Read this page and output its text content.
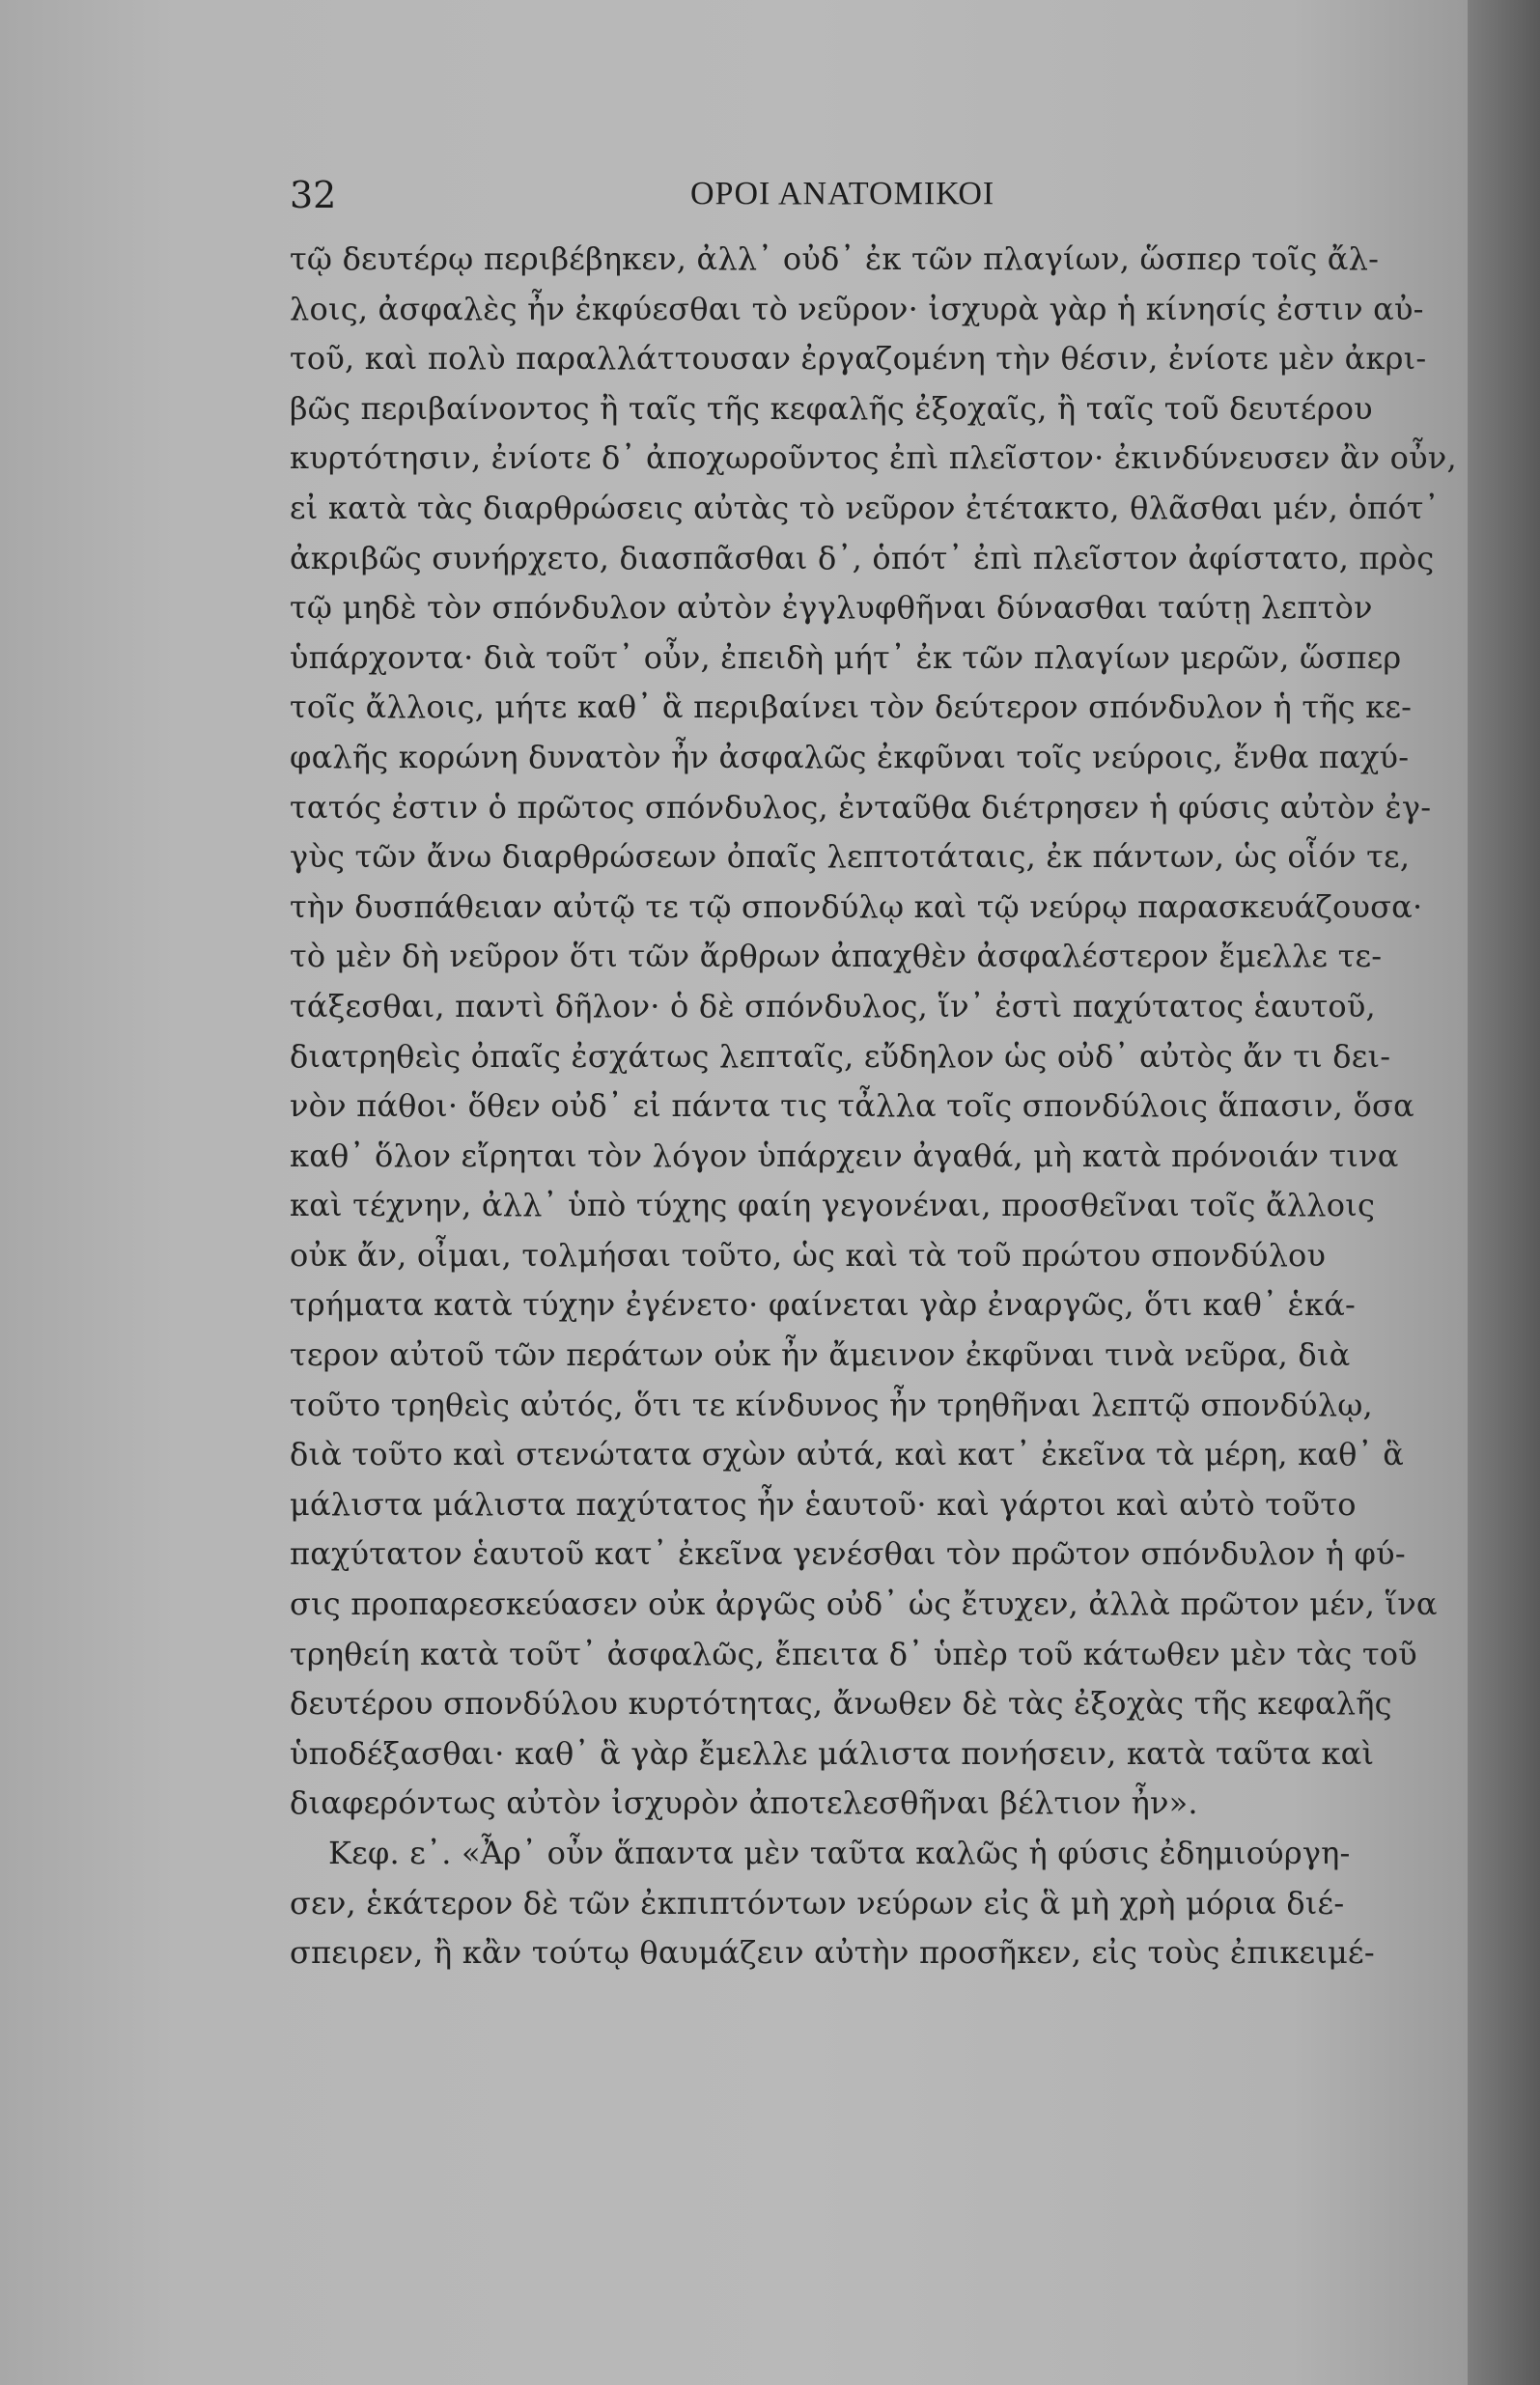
32	ΟΡΟΙ ΑΝΑΤΟΜΙΚΟΙ
τῷ δευτέρῳ περιβέβηκεν, ἀλλ᾽ οὐδ᾽ ἐκ τῶν πλαγίων, ὥσπερ τοῖς ἄλ-
λοις, ἀσφαλὲς ἦν ἐκφύεσθαι τὸ νεῦρον· ἰσχυρὰ γὰρ ἡ κίνησίς ἐστιν αὐ-
τοῦ, καὶ πολὺ παραλλάττουσαν ἐργαζομένη τὴν θέσιν, ἐνίοτε μὲν ἀκρι-
βῶς περιβαίνοντος ἢ ταῖς τῆς κεφαλῆς ἐξοχαῖς, ἢ ταῖς τοῦ δευτέρου
κυρτότησιν, ἐνίοτε δ᾽ ἀποχωροῦντος ἐπὶ πλεῖστον· ἐκινδύνευσεν ἂν οὖν,
εἰ κατὰ τὰς διαρθρώσεις αὐτὰς τὸ νεῦρον ἐτέτακτο, θλᾶσθαι μέν, ὁπότ᾽
ἀκριβῶς συνήρχετο, διασπᾶσθαι δ᾽, ὁπότ᾽ ἐπὶ πλεῖστον ἀφίστατο, πρὸς
τῷ μηδὲ τὸν σπόνδυλον αὐτὸν ἐγγλυφθῆναι δύνασθαι ταύτῃ λεπτὸν
ὑπάρχοντα· διὰ τοῦτ᾽ οὖν, ἐπειδὴ μήτ᾽ ἐκ τῶν πλαγίων μερῶν, ὥσπερ
τοῖς ἄλλοις, μήτε καθ᾽ ἃ περιβαίνει τὸν δεύτερον σπόνδυλον ἡ τῆς κε-
φαλῆς κορώνη δυνατὸν ἦν ἀσφαλῶς ἐκφῦναι τοῖς νεύροις, ἔνθα παχύ-
τατός ἐστιν ὁ πρῶτος σπόνδυλος, ἐνταῦθα διέτρησεν ἡ φύσις αὐτὸν ἐγ-
γὺς τῶν ἄνω διαρθρώσεων ὀπαῖς λεπτοτάταις, ἐκ πάντων, ὡς οἷόν τε,
τὴν δυσπάθειαν αὐτῷ τε τῷ σπονδύλῳ καὶ τῷ νεύρῳ παρασκευάζουσα·
τὸ μὲν δὴ νεῦρον ὅτι τῶν ἄρθρων ἀπαχθὲν ἀσφαλέστερον ἔμελλε τε-
τάξεσθαι, παντὶ δῆλον· ὁ δὲ σπόνδυλος, ἵν᾽ ἐστὶ παχύτατος ἑαυτοῦ,
διατρηθεὶς ὀπαῖς ἐσχάτως λεπταῖς, εὔδηλον ὡς οὐδ᾽ αὐτὸς ἄν τι δει-
νὸν πάθοι· ὅθεν οὐδ᾽ εἰ πάντα τις τἆλλα τοῖς σπονδύλοις ἅπασιν, ὅσα
καθ᾽ ὅλον εἴρηται τὸν λόγον ὑπάρχειν ἀγαθά, μὴ κατὰ πρόνοιάν τινα
καὶ τέχνην, ἀλλ᾽ ὑπὸ τύχης φαίη γεγονέναι, προσθεῖναι τοῖς ἄλλοις
οὐκ ἄν, οἶμαι, τολμήσαι τοῦτο, ὡς καὶ τὰ τοῦ πρώτου σπονδύλου
τρήματα κατὰ τύχην ἐγένετο· φαίνεται γὰρ ἐναργῶς, ὅτι καθ᾽ ἑκά-
τερον αὐτοῦ τῶν περάτων οὐκ ἦν ἄμεινον ἐκφῦναι τινὰ νεῦρα, διὰ
τοῦτο τρηθεὶς αὐτός, ὅτι τε κίνδυνος ἦν τρηθῆναι λεπτῷ σπονδύλῳ,
διὰ τοῦτο καὶ στενώτατα σχὼν αὐτά, καὶ κατ᾽ ἐκεῖνα τὰ μέρη, καθ᾽ ἃ
μάλιστα μάλιστα παχύτατος ἦν ἑαυτοῦ· καὶ γάρτοι καὶ αὐτὸ τοῦτο
παχύτατον ἑαυτοῦ κατ᾽ ἐκεῖνα γενέσθαι τὸν πρῶτον σπόνδυλον ἡ φύ-
σις προπαρεσκεύασεν οὐκ ἀργῶς οὐδ᾽ ὡς ἔτυχεν, ἀλλὰ πρῶτον μέν, ἵνα
τρηθείη κατὰ τοῦτ᾽ ἀσφαλῶς, ἔπειτα δ᾽ ὑπὲρ τοῦ κάτωθεν μὲν τὰς τοῦ
δευτέρου σπονδύλου κυρτότητας, ἄνωθεν δὲ τὰς ἐξοχὰς τῆς κεφαλῆς
ὑποδέξασθαι· καθ᾽ ἃ γὰρ ἔμελλε μάλιστα πονήσειν, κατὰ ταῦτα καὶ
διαφερόντως αὐτὸν ἰσχυρὸν ἀποτελεσθῆναι βέλτιον ἦν».
Κεφ. ε᾽. «Ἆρ᾽ οὖν ἅπαντα μὲν ταῦτα καλῶς ἡ φύσις ἐδημιούργη-
σεν, ἑκάτερον δὲ τῶν ἐκπιπτόντων νεύρων εἰς ἃ μὴ χρὴ μόρια διέ-
σπειρεν, ἢ κἂν τούτῳ θαυμάζειν αὐτὴν προσῆκεν, εἰς τοὺς ἐπικειμέ-
